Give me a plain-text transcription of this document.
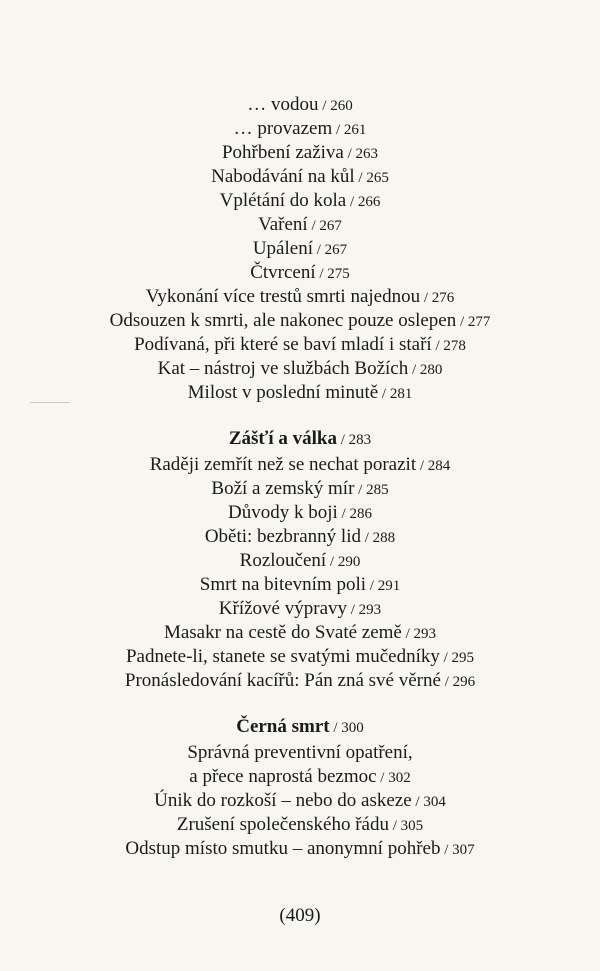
… vodou / 260
… provazem / 261
Pohřbení zaživa / 263
Nabodávání na kůl / 265
Vplétání do kola / 266
Vaření / 267
Upálení / 267
Čtvrcení / 275
Vykonání více trestů smrti najednou / 276
Odsouzen k smrti, ale nakonec pouze oslepen / 277
Podívaná, při které se baví mladí i staří / 278
Kat – nástroj ve službách Božích / 280
Milost v poslední minutě / 281
Zášťí a válka / 283
Raději zemřít než se nechat porazit / 284
Boží a zemský mír / 285
Důvody k boji / 286
Oběti: bezbranný lid / 288
Rozloučení / 290
Smrt na bitevním poli / 291
Křížové výpravy / 293
Masakr na cestě do Svaté země / 293
Padnete-li, stanete se svatými mučedníky / 295
Pronásledování kacířů: Pán zná své věrné / 296
Černá smrt / 300
Správná preventivní opatření,
a přece naprostá bezmoc / 302
Únik do rozkoší – nebo do askeze / 304
Zrušení společenského řádu / 305
Odstup místo smutku – anonymní pohřeb / 307
(409)
